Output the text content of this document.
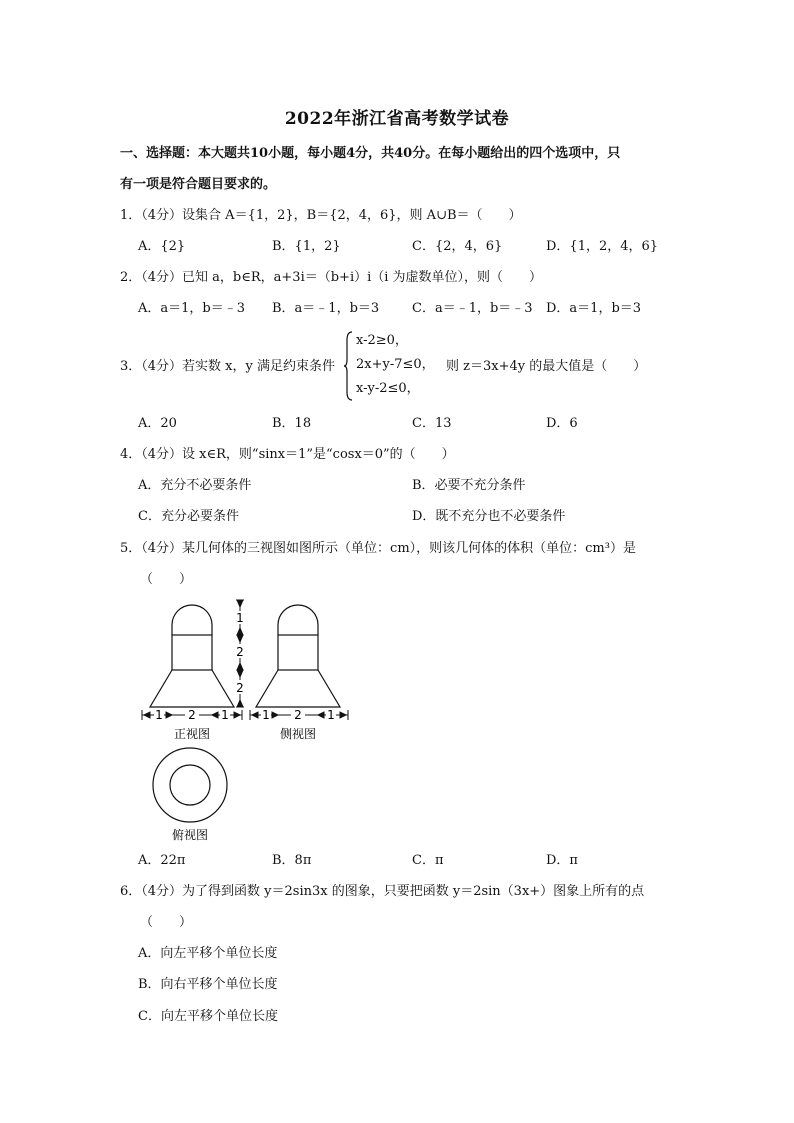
2022年浙江省高考数学试卷
一、选择题：本大题共10小题，每小题4分，共40分。在每小题给出的四个选项中，只
有一项是符合题目要求的。
1．（4分）设集合 A＝{1，2}，B＝{2，4，6}，则 A∪B＝（　　）
A．{2}	B．{1，2}	C．{2，4，6}	D．{1，2，4，6}
2．（4分）已知 a，b∈R，a+3i＝（b+i）i（i 为虚数单位），则（　　）
A．a＝1，b＝﹣3 B．a＝﹣1，b＝3	C．a＝﹣1，b＝﹣3 D．a＝1，b＝3
3．（4分）若实数 x，y 满足约束条件
x-2≥0，
2x+y-7≤0，
x-y-2≤0，
则 z＝3x+4y 的最大值是（　　）
A．20	B．18	C．13	D．6
4．（4分）设 x∈R，则“sinx＝1”是“cosx＝0”的（　　）
A．充分不必要条件	B．必要不充分条件
C．充分必要条件	D．既不充分也不必要条件
5．（4分）某几何体的三视图如图所示（单位：cm），则该几何体的体积（单位：cm³）是
（　　）
1
2
2
1 2 1	1 2 1
正视图	侧视图
俯视图
A．22π	B．8π	C．π	D．π
6．（4分）为了得到函数 y＝2sin3x 的图象，只要把函数 y＝2sin（3x+）图象上所有的点
（　　）
A．向左平移个单位长度
B．向右平移个单位长度
C．向左平移个单位长度
